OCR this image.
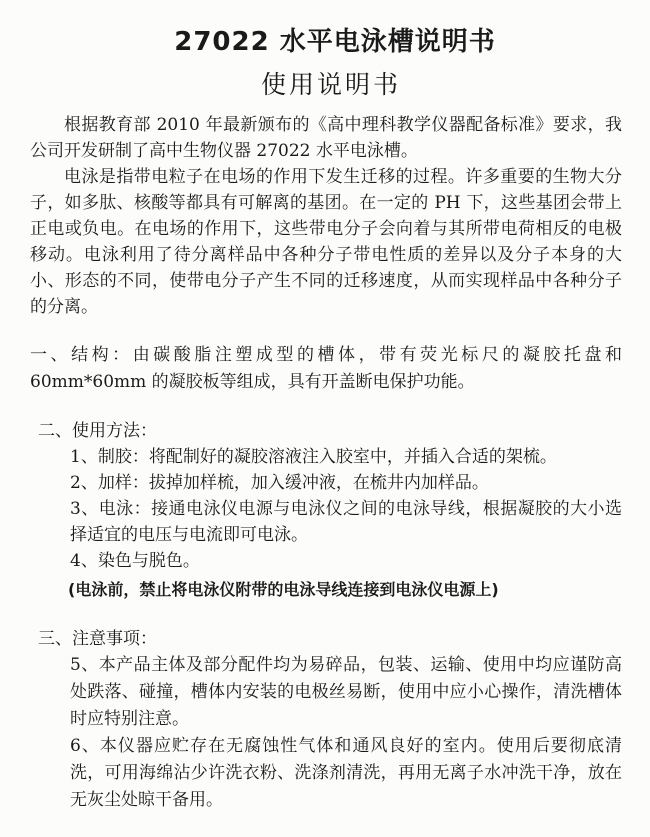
27022 水平电泳槽说明书
使用说明书

根据教育部 2010 年最新颁布的《高中理科教学仪器配备标准》要求，我公司开发研制了高中生物仪器 27022 水平电泳槽。

电泳是指带电粒子在电场的作用下发生迁移的过程。许多重要的生物大分子，如多肽、核酸等都具有可解离的基团。在一定的 PH 下，这些基团会带上正电或负电。在电场的作用下，这些带电分子会向着与其所带电荷相反的电极移动。电泳利用了待分离样品中各种分子带电性质的差异以及分子本身的大小、形态的不同，使带电分子产生不同的迁移速度，从而实现样品中各种分子的分离。

一、结构：由碳酸脂注塑成型的槽体，带有荧光标尺的凝胶托盘和 60mm*60mm 的凝胶板等组成，具有开盖断电保护功能。
二、使用方法：
1、制胶：将配制好的凝胶溶液注入胶室中，并插入合适的架梳。
2、加样：拔掉加样梳，加入缓冲液，在梳井内加样品。
3、电泳：接通电泳仪电源与电泳仪之间的电泳导线，根据凝胶的大小选择适宜的电压与电流即可电泳。
4、染色与脱色。
(电泳前，禁止将电泳仪附带的电泳导线连接到电泳仪电源上)
三、注意事项：
5、本产品主体及部分配件均为易碎品，包装、运输、使用中均应谨防高处跌落、碰撞，槽体内安装的电极丝易断，使用中应小心操作，清洗槽体时应特别注意。
6、本仪器应贮存在无腐蚀性气体和通风良好的室内。使用后要彻底清洗，可用海绵沾少许洗衣粉、洗涤剂清洗，再用无离子水冲洗干净，放在无灰尘处晾干备用。
